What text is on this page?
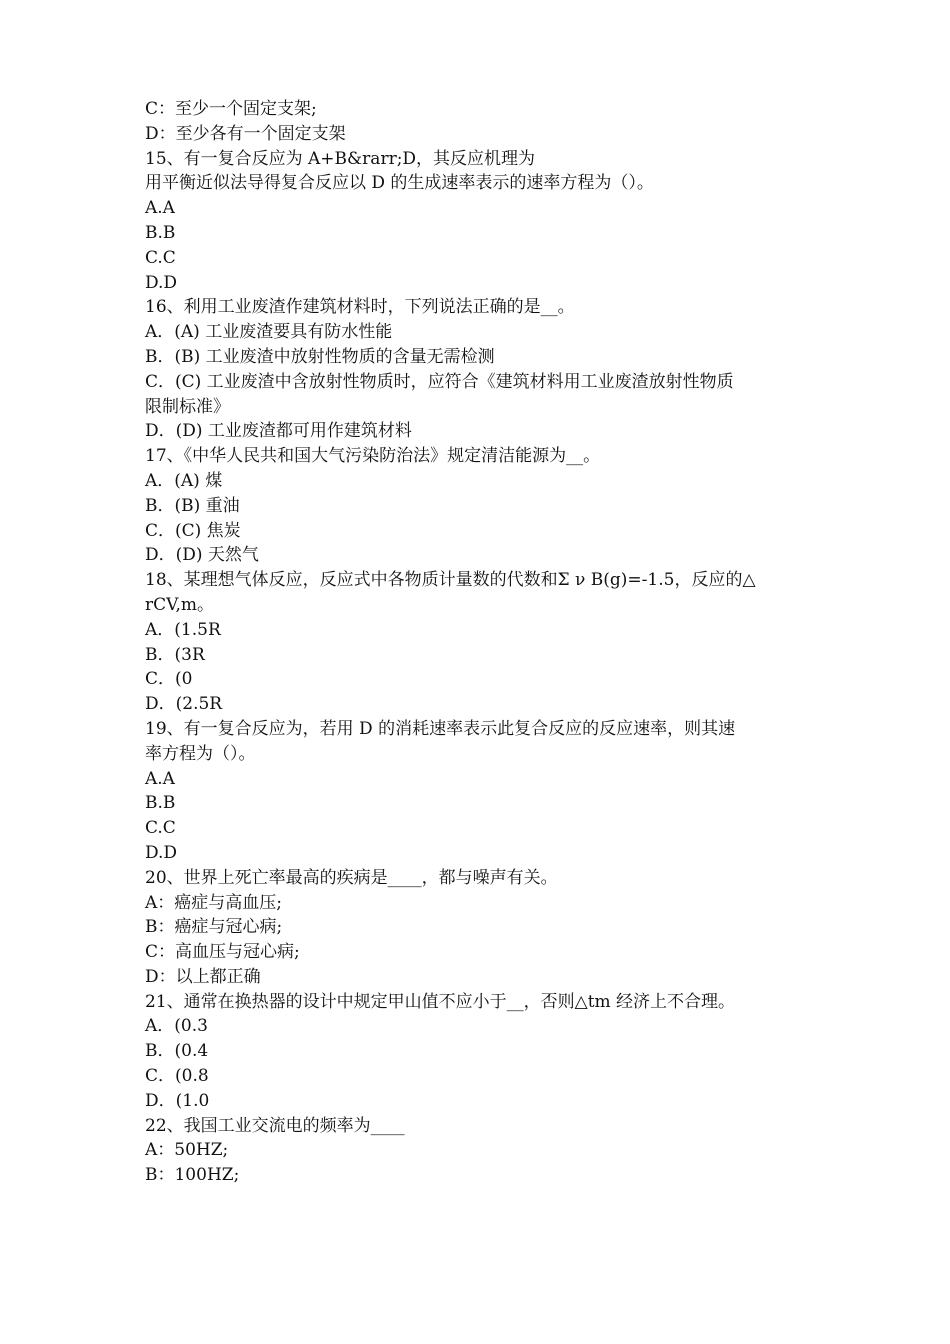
C：至少一个固定支架;
D：至少各有一个固定支架
15、有一复合反应为 A+B&rarr;D，其反应机理为
用平衡近似法导得复合反应以 D 的生成速率表示的速率方程为（）。
A.A
B.B
C.C
D.D
16、利用工业废渣作建筑材料时，下列说法正确的是__。
A．(A) 工业废渣要具有防水性能
B．(B) 工业废渣中放射性物质的含量无需检测
C．(C) 工业废渣中含放射性物质时，应符合《建筑材料用工业废渣放射性物质
限制标准》
D．(D) 工业废渣都可用作建筑材料
17、《中华人民共和国大气污染防治法》规定清洁能源为__。
A．(A) 煤
B．(B) 重油
C．(C) 焦炭
D．(D) 天然气
18、某理想气体反应，反应式中各物质计量数的代数和Σ ν B(g)=-1.5，反应的△
rCV,m。
A．(1.5R
B．(3R
C．(0
D．(2.5R
19、有一复合反应为，若用 D 的消耗速率表示此复合反应的反应速率，则其速
率方程为（）。
A.A
B.B
C.C
D.D
20、世界上死亡率最高的疾病是____，都与噪声有关。
A：癌症与高血压;
B：癌症与冠心病;
C：高血压与冠心病;
D：以上都正确
21、通常在换热器的设计中规定甲山值不应小于__，否则△tm 经济上不合理。
A．(0.3
B．(0.4
C．(0.8
D．(1.0
22、我国工业交流电的频率为____
A：50HZ;
B：100HZ;
